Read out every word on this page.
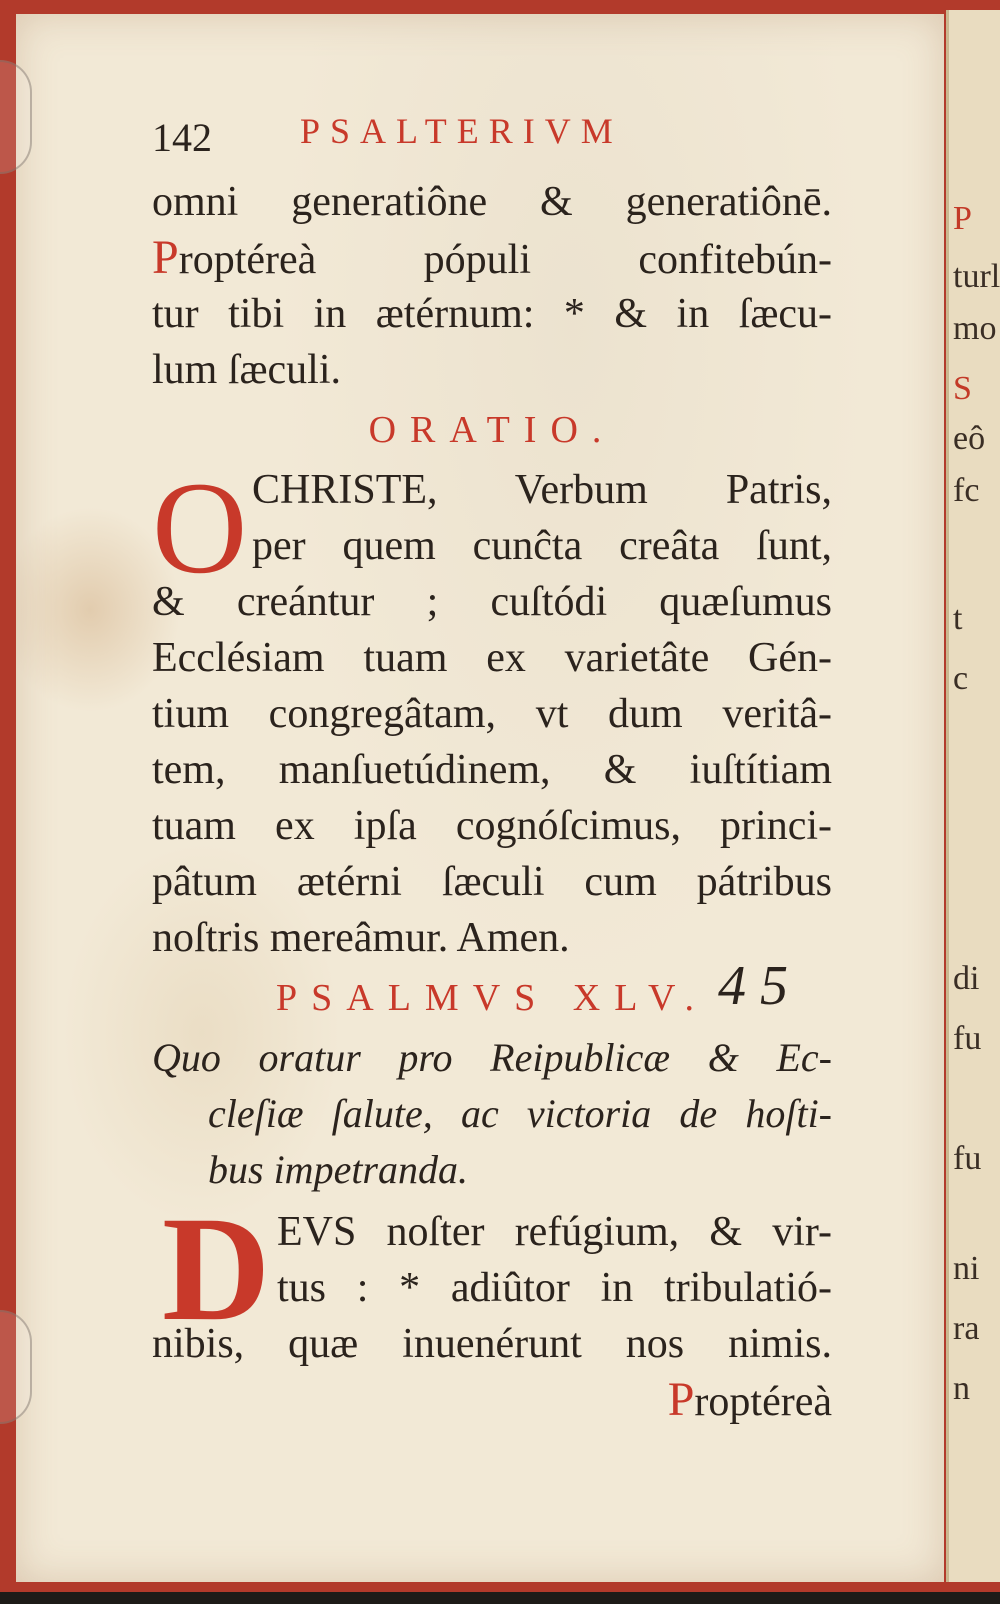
P
turl
mo
S
eô
fc
t
c
di
fu
fu
ni
ra
n
142 PSALTERIVM
omni generatiône & generatiônē.
Proptéreà pópuli confitebún-
tur tibi in ætérnum: * & in ſæcu-
lum ſæculi.
ORATIO.
O CHRISTE, Verbum Patris,
per quem cunĉta creâta ſunt,
& creántur ; cuſtódi quæſumus
Ecclésiam tuam ex varietâte Gén-
tium congregâtam, vt dum veritâ-
tem, manſuetúdinem, & iuſtítiam
tuam ex ipſa cognóſcimus, princi-
pâtum ætérni ſæculi cum pátribus
noſtris mereâmur. Amen.
PSALMVS XLV. 45
Quo oratur pro Reipublicæ & Ec-
cleſiæ ſalute, ac victoria de hoſti-
bus impetranda.
D EVS noſter refúgium, & vir-
tus : * adiûtor in tribulatió-
nibis, quæ inuenérunt nos nimis.
Proptéreà
